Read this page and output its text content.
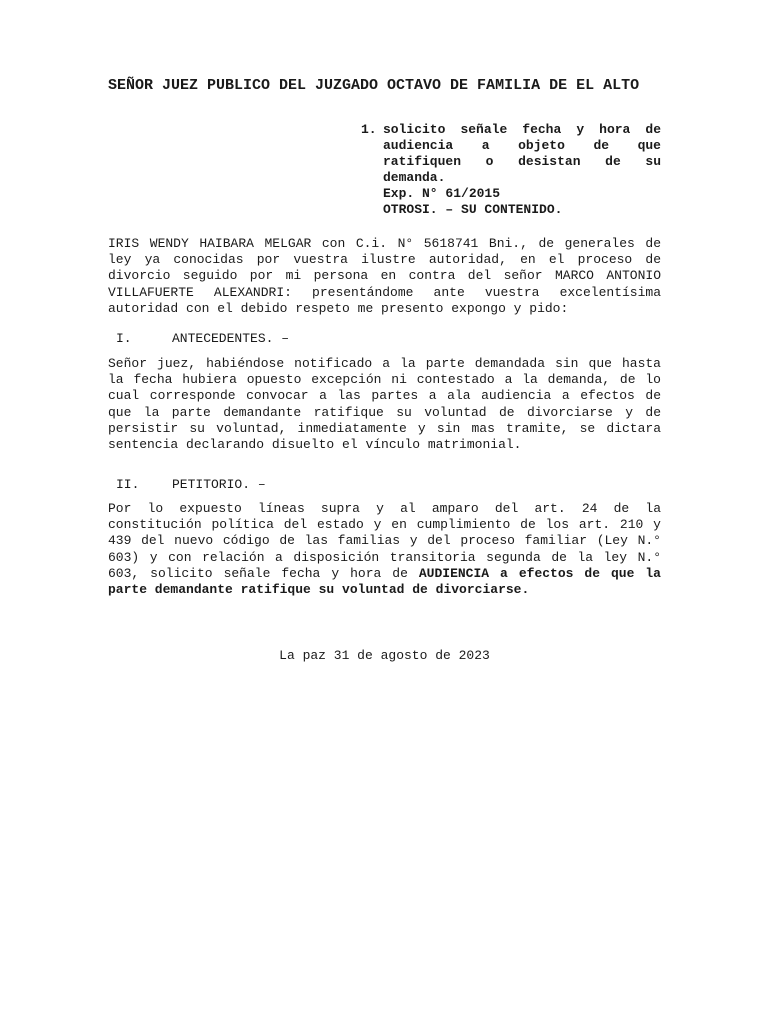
SEÑOR JUEZ PUBLICO DEL JUZGADO OCTAVO DE FAMILIA DE EL ALTO
1. solicito señale fecha y hora de audiencia a objeto de que ratifiquen o desistan de su demanda.

Exp. N° 61/2015

OTROSI. – SU CONTENIDO.

IRIS WENDY HAIBARA MELGAR con C.i. N° 5618741 Bni., de generales de ley ya conocidas por vuestra ilustre autoridad, en el proceso de divorcio seguido por mi persona en contra del señor MARCO ANTONIO VILLAFUERTE ALEXANDRI: presentándome ante vuestra excelentísima autoridad con el debido respeto me presento expongo y pido:

I.	ANTECEDENTES. –

Señor juez, habiéndose notificado a la parte demandada sin que hasta la fecha hubiera opuesto excepción ni contestado a la demanda, de lo cual corresponde convocar a las partes a ala audiencia a efectos de que la parte demandante ratifique su voluntad de divorciarse y de persistir su voluntad, inmediatamente y sin mas tramite, se dictara sentencia declarando disuelto el vínculo matrimonial.

II.	PETITORIO. –

Por lo expuesto líneas supra y al amparo del art. 24 de la constitución política del estado y en cumplimiento de los art. 210 y 439 del nuevo código de las familias y del proceso familiar (Ley N.° 603) y con relación a disposición transitoria segunda de la ley N.° 603, solicito señale fecha y hora de AUDIENCIA a efectos de que la parte demandante ratifique su voluntad de divorciarse.

La paz 31 de agosto de 2023
